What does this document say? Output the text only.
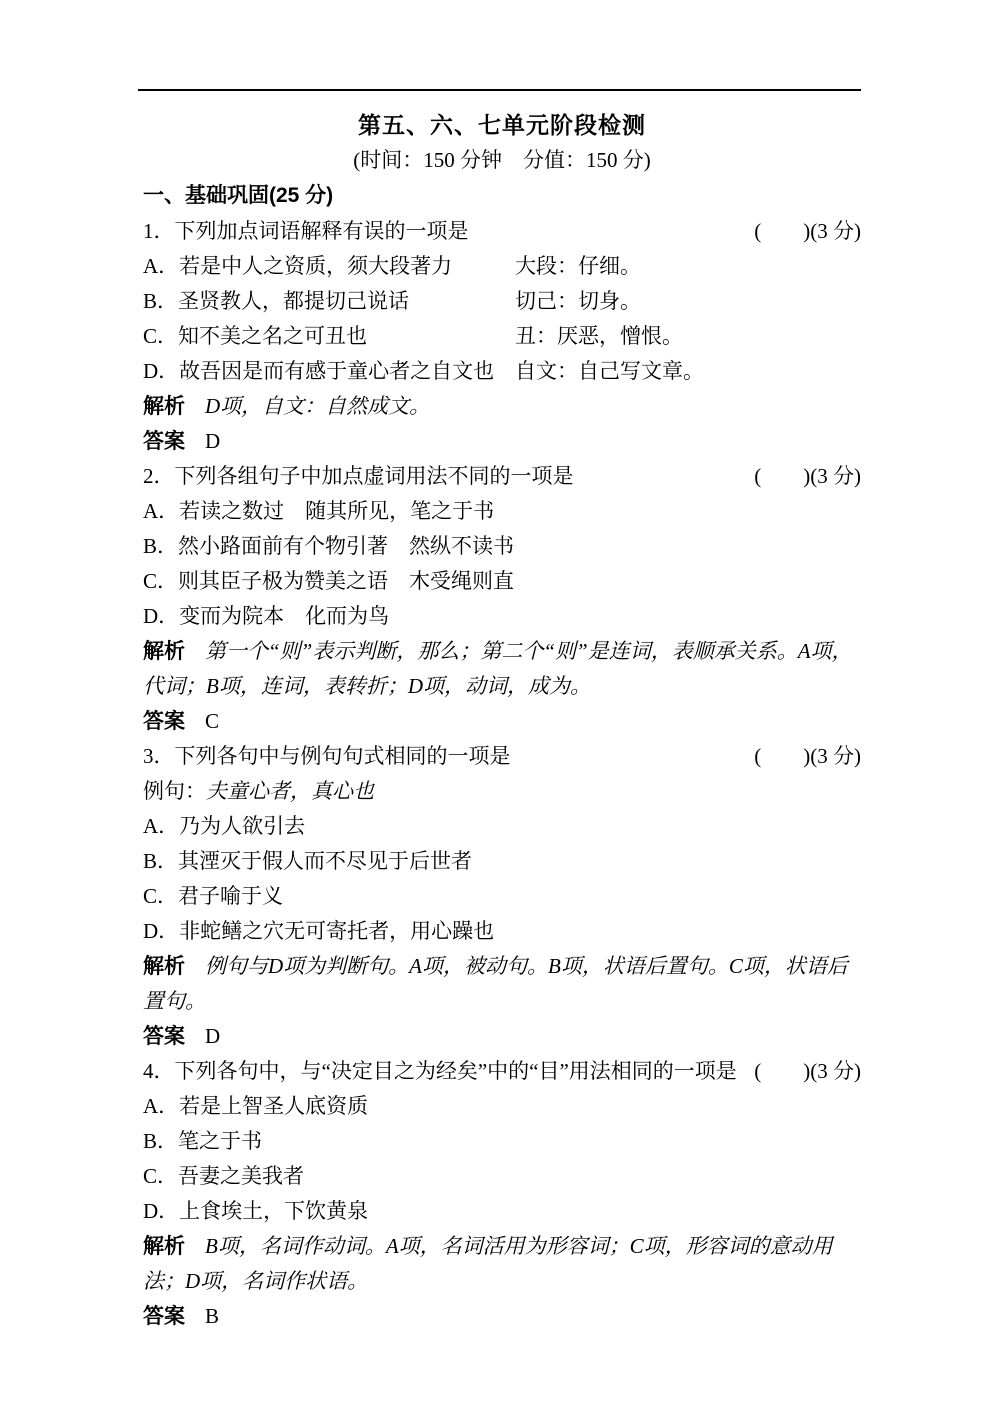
第五、六、七单元阶段检测

(时间：150 分钟　分值：150 分)

一、基础巩固(25 分)
1．下列加点词语解释有误的一项是	(　　)(3 分)
A．若是中人之资质，须大段著力	大段：仔细。
B．圣贤教人，都提切己说话	切己：切身。
C．知不美之名之可丑也	丑：厌恶，憎恨。
D．故吾因是而有感于童心者之自文也 自文：自己写文章。

解析 D项，自文：自然成文。

答案 D

2．下列各组句子中加点虚词用法不同的一项是	(　　)(3 分)
A．若读之数过　随其所见，笔之于书
B．然小路面前有个物引著　然纵不读书
C．则其臣子极为赞美之语　木受绳则直
D．变而为院本　化而为鸟

解析 第一个“则”表示判断，那么；第二个“则”是连词，表顺承关系。A项，代词；B项，连词，表转折；D项，动词，成为。

答案 C

3．下列各句中与例句句式相同的一项是	(　　)(3 分)
例句：夫童心者，真心也
A．乃为人欲引去
B．其湮灭于假人而不尽见于后世者
C．君子喻于义
D．非蛇鳝之穴无可寄托者，用心躁也

解析 例句与D项为判断句。A项，被动句。B项，状语后置句。C项，状语后置句。

答案 D

4．下列各句中，与“决定目之为经矣”中的“目”用法相同的一项是 (　　)(3 分)
A．若是上智圣人底资质
B．笔之于书
C．吾妻之美我者
D．上食埃土，下饮黄泉

解析 B项，名词作动词。A项，名词活用为形容词；C项，形容词的意动用法；D项，名词作状语。

答案 B
